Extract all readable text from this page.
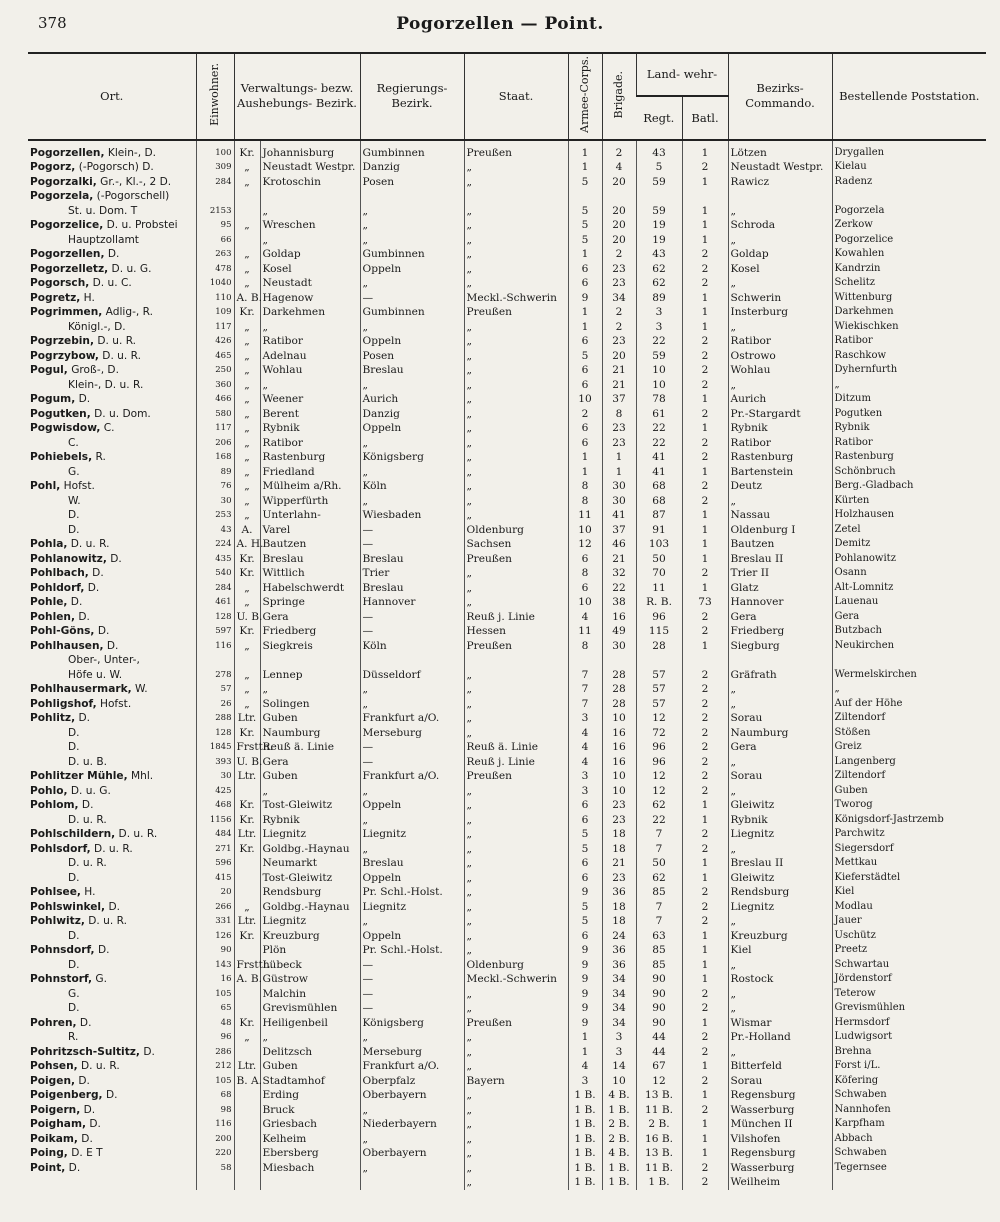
378	Pogorzellen — Point.
Ort.	Einwohner.	Verwaltungs- bezw. Aushebungs- Bezirk.		Regierungs- Bezirk.	Staat.	Armee-Corps.	Brigade.	Land- wehr-		Bezirks- Commando.	Bestellende Poststation.
								Regt.	Batl.		
Pogorzellen, Klein-, D.	100	Kr.	Johannisburg	Gumbinnen	Preußen	1	2	43	1	Lötzen	Drygallen
Pogorz, (-Pogorsch) D.	309	„	Neustadt Westpr.	Danzig	„	1	4	5	2	Neustadt Westpr.	Kielau
Pogorzalki, Gr.-, Kl.-, 2 D.	284	„	Krotoschin	Posen	„	5	20	59	1	Rawicz	Radenz
Pogorzela, (-Pogorschell)											
St. u. Dom. T	2153		„	„	„	5	20	59	1	„	Pogorzela
Pogorzelice, D. u. Probstei	95	„	Wreschen	„	„	5	20	19	1	Schroda	Zerkow
Hauptzollamt	66		„	„	„	5	20	19	1	„	Pogorzelice
Pogorzellen, D.	263	„	Goldap	Gumbinnen	„	1	2	43	2	Goldap	Kowahlen
Pogorzelletz, D. u. G.	478	„	Kosel	Oppeln	„	6	23	62	2	Kosel	Kandrzin
Pogorsch, D. u. C.	1040	„	Neustadt	„	„	6	23	62	2	„	Schelitz
Pogretz, H.	110	A. B.	Hagenow	—	Meckl.-Schwerin	9	34	89	1	Schwerin	Wittenburg
Pogrimmen, Adlig-, R.	109	Kr.	Darkehmen	Gumbinnen	Preußen	1	2	3	1	Insterburg	Darkehmen
Königl.-, D.	117	„	„	„	„	1	2	3	1	„	Wiekischken
Pogrzebin, D. u. R.	426	„	Ratibor	Oppeln	„	6	23	22	2	Ratibor	Ratibor
Pogrzybow, D. u. R.	465	„	Adelnau	Posen	„	5	20	59	2	Ostrowo	Raschkow
Pogul, Groß-, D.	250	„	Wohlau	Breslau	„	6	21	10	2	Wohlau	Dyhernfurth
Klein-, D. u. R.	360	„	„	„	„	6	21	10	2	„	„
Pogum, D.	466	„	Weener	Aurich	„	10	37	78	1	Aurich	Ditzum
Pogutken, D. u. Dom.	580	„	Berent	Danzig	„	2	8	61	2	Pr.-Stargardt	Pogutken
Pogwisdow, C.	117	„	Rybnik	Oppeln	„	6	23	22	1	Rybnik	Rybnik
C.	206	„	Ratibor	„	„	6	23	22	2	Ratibor	Ratibor
Pohiebels, R.	168	„	Rastenburg	Königsberg	„	1	1	41	2	Rastenburg	Rastenburg
G.	89	„	Friedland	„	„	1	1	41	1	Bartenstein	Schönbruch
Pohl, Hofst.	76	„	Mülheim a/Rh.	Köln	„	8	30	68	2	Deutz	Berg.-Gladbach
W.	30	„	Wipperfürth	„	„	8	30	68	2	„	Kürten
D.	253	„	Unterlahn-	Wiesbaden	„	11	41	87	1	Nassau	Holzhausen
D.	43	A.	Varel	—	Oldenburg	10	37	91	1	Oldenburg I	Zetel
Pohla, D. u. R.	224	A. H.	Bautzen	—	Sachsen	12	46	103	1	Bautzen	Demitz
Pohlanowitz, D.	435	Kr.	Breslau	Breslau	Preußen	6	21	50	1	Breslau II	Pohlanowitz
Pohlbach, D.	540	Kr.	Wittlich	Trier	„	8	32	70	2	Trier II	Osann
Pohldorf, D.	284	„	Habelschwerdt	Breslau	„	6	22	11	1	Glatz	Alt-Lomnitz
Pohle, D.	461	„	Springe	Hannover	„	10	38	R. B.	73	Hannover	Lauenau
Pohlen, D.	128	U. B.	Gera	—	Reuß j. Linie	4	16	96	2	Gera	Gera
Pohl-Göns, D.	597	Kr.	Friedberg	—	Hessen	11	49	115	2	Friedberg	Butzbach
Pohlhausen, D.	116	„	Siegkreis	Köln	Preußen	8	30	28	1	Siegburg	Neukirchen
Ober-, Unter-,											
Höfe u. W.	278	„	Lennep	Düsseldorf	„	7	28	57	2	Gräfrath	Wermelskirchen
Pohlhausermark, W.	57	„	„	„	„	7	28	57	2	„	„
Pohligshof, Hofst.	26	„	Solingen	„	„	7	28	57	2	„	Auf der Höhe
Pohlitz, D.	288	Ltr.	Guben	Frankfurt a/O.	„	3	10	12	2	Sorau	Ziltendorf
D.	128	Kr.	Naumburg	Merseburg	„	4	16	72	2	Naumburg	Stößen
D.	1845	Frstth.	Reuß ä. Linie	—	Reuß ä. Linie	4	16	96	2	Gera	Greiz
D. u. B.	393	U. B.	Gera	—	Reuß j. Linie	4	16	96	2	„	Langenberg
Pohlitzer Mühle, Mhl.	30	Ltr.	Guben	Frankfurt a/O.	Preußen	3	10	12	2	Sorau	Ziltendorf
Pohlo, D. u. G.	425		„	„	„	3	10	12	2	„	Guben
Pohlom, D.	468	Kr.	Tost-Gleiwitz	Oppeln	„	6	23	62	1	Gleiwitz	Tworog
D. u. R.	1156	Kr.	Rybnik	„	„	6	23	22	1	Rybnik	Königsdorf-Jastrzemb
Pohlschildern, D. u. R.	484	Ltr.	Liegnitz	Liegnitz	„	5	18	7	2	Liegnitz	Parchwitz
Pohlsdorf, D. u. R.	271	Kr.	Goldbg.-Haynau	„	„	5	18	7	2	„	Siegersdorf
D. u. R.	596		Neumarkt	Breslau	„	6	21	50	1	Breslau II	Mettkau
D.	415		Tost-Gleiwitz	Oppeln	„	6	23	62	1	Gleiwitz	Kieferstädtel
Pohlsee, H.	20		Rendsburg	Pr. Schl.-Holst.	„	9	36	85	2	Rendsburg	Kiel
Pohlswinkel, D.	266	„	Goldbg.-Haynau	Liegnitz	„	5	18	7	2	Liegnitz	Modlau
Pohlwitz, D. u. R.	331	Ltr.	Liegnitz	„	„	5	18	7	2	„	Jauer
D.	126	Kr.	Kreuzburg	Oppeln	„	6	24	63	1	Kreuzburg	Uschütz
Pohnsdorf, D.	90		Plön	Pr. Schl.-Holst.	„	9	36	85	1	Kiel	Preetz
D.	143	Frstth.	Lübeck	—	Oldenburg	9	36	85	1	„	Schwartau
Pohnstorf, G.	16	A. B.	Güstrow	—	Meckl.-Schwerin	9	34	90	1	Rostock	Jördenstorf
G.	105		Malchin	—	„	9	34	90	2	„	Teterow
D.	65		Grevismühlen	—	„	9	34	90	2	„	Grevismühlen
Pohren, D.	48	Kr.	Heiligenbeil	Königsberg	Preußen	9	34	90	1	Wismar	Hermsdorf
R.	96	„	„	„	„	1	3	44	2	Pr.-Holland	Ludwigsort
Pohritzsch-Sultitz, D.	286		Delitzsch	Merseburg	„	1	3	44	2	„	Brehna
Pohsen, D. u. R.	212	Ltr.	Guben	Frankfurt a/O.	„	4	14	67	1	Bitterfeld	Forst i/L.
Poigen, D.	105	B. A.	Stadtamhof	Oberpfalz	Bayern	3	10	12	2	Sorau	Köfering
Poigenberg, D.	68		Erding	Oberbayern	„	1 B.	4 B.	13 B.	1	Regensburg	Schwaben
Poigern, D.	98		Bruck	„	„	1 B.	1 B.	11 B.	2	Wasserburg	Nannhofen
Poigham, D.	116		Griesbach	Niederbayern	„	1 B.	2 B.	2 B.	1	München II	Karpfham
Poikam, D.	200		Kelheim	„	„	1 B.	2 B.	16 B.	1	Vilshofen	Abbach
Poing, D. E T	220		Ebersberg	Oberbayern	„	1 B.	4 B.	13 B.	1	Regensburg	Schwaben
Point, D.	58		Miesbach	„	„	1 B.	1 B.	11 B.	2	Wasserburg	Tegernsee
					„	1 B.	1 B.	1 B.	2	Weilheim	
